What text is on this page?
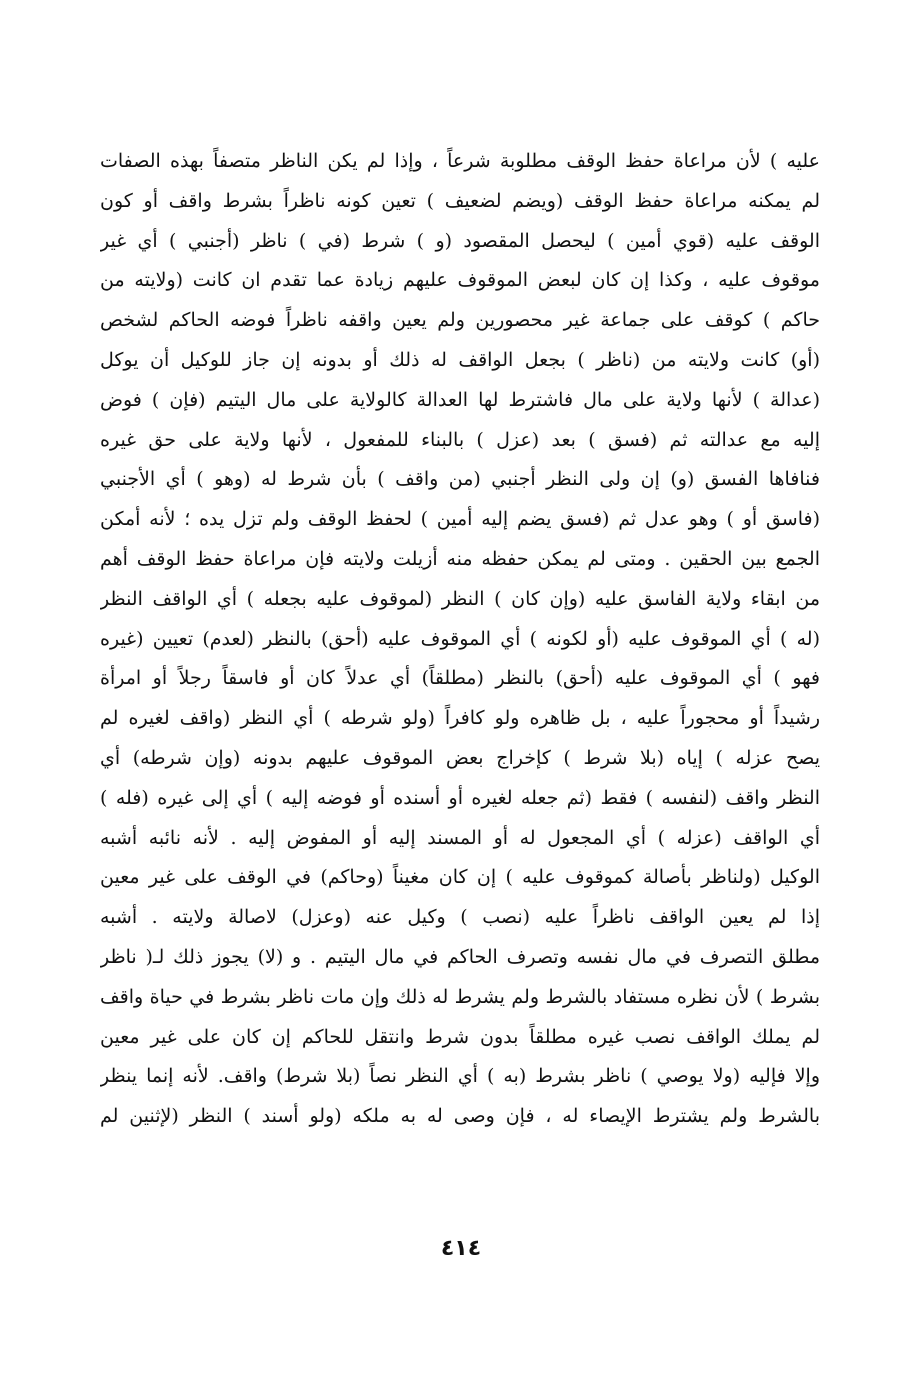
عليه ) لأن مراعاة حفظ الوقف مطلوبة شرعاً ، وإذا لم يكن الناظر متصفاً بهذه الصفات
لم يمكنه مراعاة حفظ الوقف (ويضم لضعيف ) تعين كونه ناظراً بشرط واقف أو كون
الوقف عليه (قوي أمين ) ليحصل المقصود (و ) شرط (في ) ناظر (أجنبي ) أي غير
موقوف عليه ، وكذا إن كان لبعض الموقوف عليهم زيادة عما تقدم ان كانت (ولايته من
حاكم ) كوقف على جماعة غير محصورين ولم يعين واقفه ناظراً فوضه الحاكم لشخص
(أو) كانت ولايته من (ناظر ) بجعل الواقف له ذلك أو بدونه إن جاز للوكيل أن يوكل
(عدالة ) لأنها ولاية على مال فاشترط لها العدالة كالولاية على مال اليتيم (فإن ) فوض
إليه مع عدالته ثم (فسق ) بعد (عزل ) بالبناء للمفعول ، لأنها ولاية على حق غيره
فنافاها الفسق (و) إن ولى النظر أجنبي (من واقف ) بأن شرط له (وهو ) أي الأجنبي
(فاسق أو ) وهو عدل ثم (فسق يضم إليه أمين ) لحفظ الوقف ولم تزل يده ؛ لأنه أمكن
الجمع بين الحقين . ومتى لم يمكن حفظه منه أزيلت ولايته فإن مراعاة حفظ الوقف أهم
من ابقاء ولاية الفاسق عليه (وإن كان ) النظر (لموقوف عليه بجعله ) أي الواقف النظر
(له ) أي الموقوف عليه (أو لكونه ) أي الموقوف عليه (أحق) بالنظر (لعدم) تعيين (غيره
فهو ) أي الموقوف عليه (أحق) بالنظر (مطلقاً) أي عدلاً كان أو فاسقاً رجلاً أو امرأة
رشيداً أو محجوراً عليه ، بل ظاهره ولو كافراً (ولو شرطه ) أي النظر (واقف لغيره لم
يصح عزله ) إياه (بلا شرط ) كإخراج بعض الموقوف عليهم بدونه (وإن شرطه) أي
النظر واقف (لنفسه ) فقط (ثم جعله لغيره أو أسنده أو فوضه إليه ) أي إلى غيره (فله )
أي الواقف (عزله ) أي المجعول له أو المسند إليه أو المفوض إليه . لأنه نائبه أشبه
الوكيل (ولناظر بأصالة كموقوف عليه ) إن كان مغيناً (وحاكم) في الوقف على غير معين
إذا لم يعين الواقف ناظراً عليه (نصب ) وكيل عنه (وعزل) لاصالة ولايته . أشبه
مطلق التصرف في مال نفسه وتصرف الحاكم في مال اليتيم . و (لا) يجوز ذلك لـ( ناظر
بشرط ) لأن نظره مستفاد بالشرط ولم يشرط له ذلك وإن مات ناظر بشرط في حياة واقف
لم يملك الواقف نصب غيره مطلقاً بدون شرط وانتقل للحاكم إن كان على غير معين
وإلا فإليه (ولا يوصي ) ناظر بشرط (به ) أي النظر نصاً (بلا شرط) واقف. لأنه إنما ينظر
بالشرط ولم يشترط الإيصاء له ، فإن وصى له به ملكه (ولو أسند ) النظر (لإثنين لم
٤١٤
